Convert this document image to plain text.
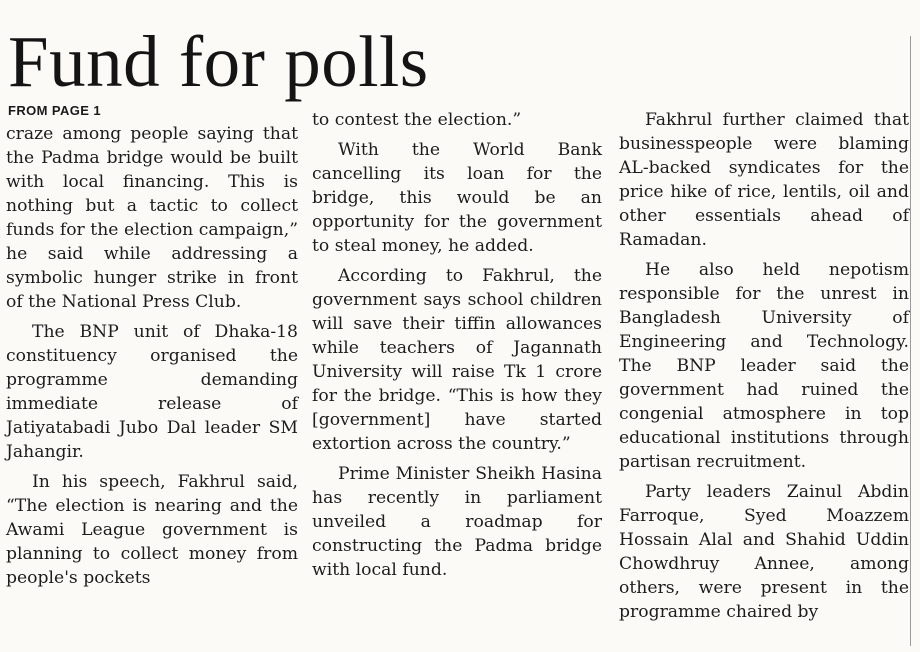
Fund for polls
FROM PAGE 1

craze among people saying that the Padma bridge would be built with local financing. This is nothing but a tactic to collect funds for the election campaign,” he said while addressing a symbolic hunger strike in front of the National Press Club.

The BNP unit of Dhaka-18 constituency organised the programme demanding immediate release of Jatiyatabadi Jubo Dal leader SM Jahangir.

In his speech, Fakhrul said, “The election is nearing and the Awami League government is planning to collect money from people's pockets

to contest the election.”

With the World Bank cancelling its loan for the bridge, this would be an opportunity for the government to steal money, he added.

According to Fakhrul, the government says school children will save their tiffin allowances while teachers of Jagannath University will raise Tk 1 crore for the bridge. “This is how they [government] have started extortion across the country.”

Prime Minister Sheikh Hasina has recently in parliament unveiled a roadmap for constructing the Padma bridge with local fund.

Fakhrul further claimed that businesspeople were blaming AL-backed syndicates for the price hike of rice, lentils, oil and other essentials ahead of Ramadan.

He also held nepotism responsible for the unrest in Bangladesh University of Engineering and Technology. The BNP leader said the government had ruined the congenial atmosphere in top educational institutions through partisan recruitment.

Party leaders Zainul Abdin Farroque, Syed Moazzem Hossain Alal and Shahid Uddin Chowdhruy Annee, among others, were present in the programme chaired by
